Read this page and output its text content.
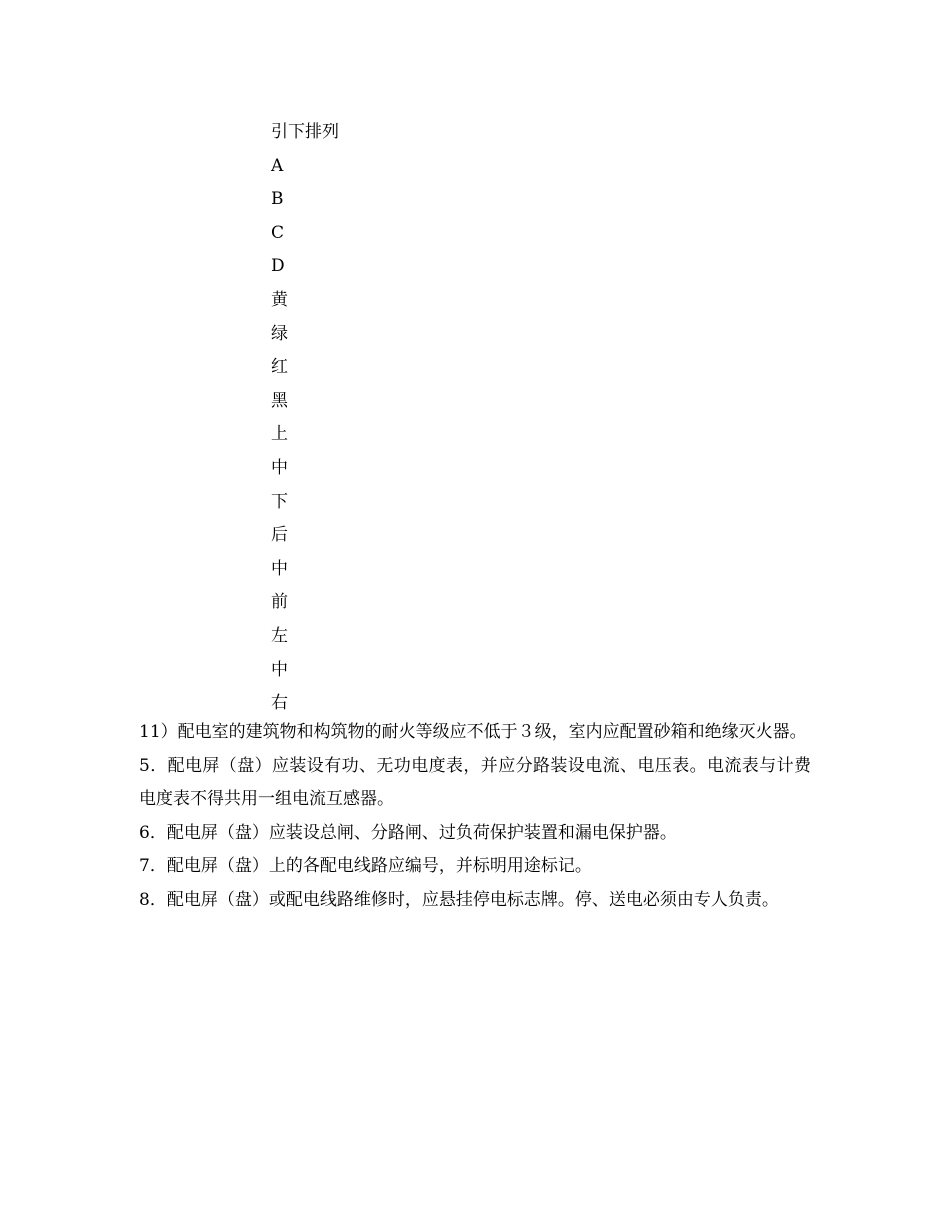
引下排列
A
B
C
D
黄
绿
红
黑
上
中
下
后
中
前
左
中
右

11）配电室的建筑物和构筑物的耐火等级应不低于３级，室内应配置砂箱和绝缘灭火器。

5．配电屏（盘）应装设有功、无功电度表，并应分路装设电流、电压表。电流表与计费电度表不得共用一组电流互感器。

6．配电屏（盘）应装设总闸、分路闸、过负荷保护装置和漏电保护器。

7．配电屏（盘）上的各配电线路应编号，并标明用途标记。

8．配电屏（盘）或配电线路维修时，应悬挂停电标志牌。停、送电必须由专人负责。
